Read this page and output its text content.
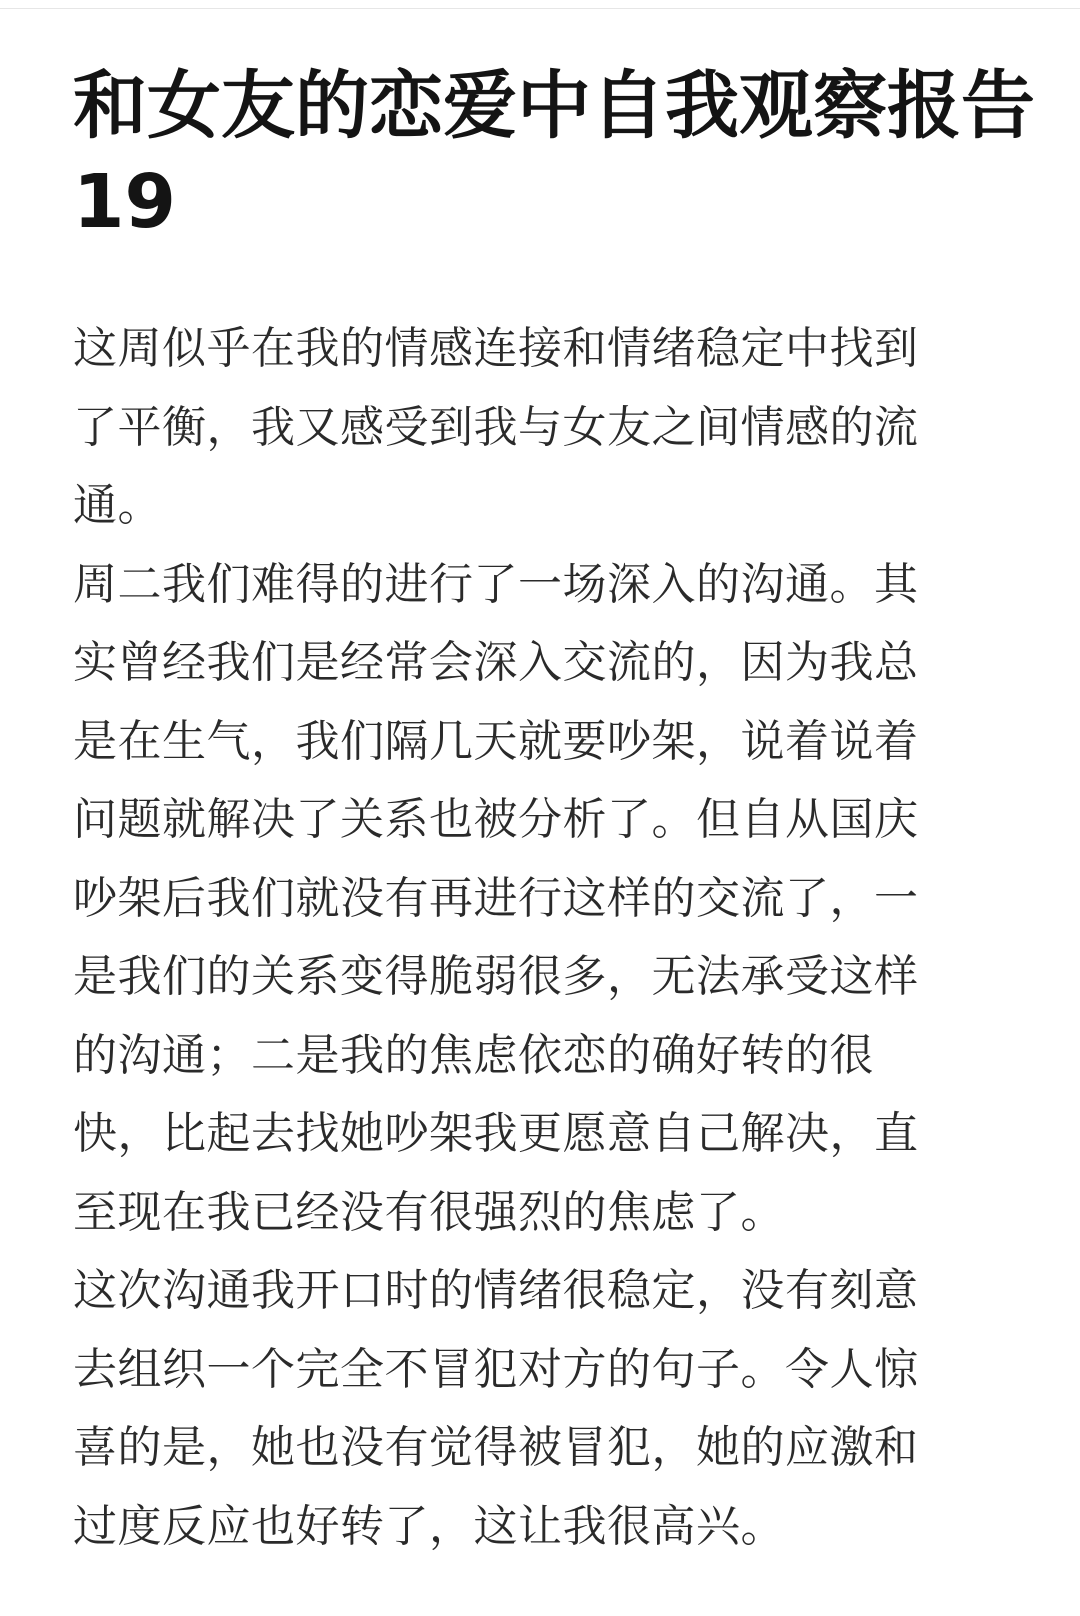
和女友的恋爱中自我观察报告
19
这周似乎在我的情感连接和情绪稳定中找到
了平衡，我又感受到我与女友之间情感的流
通。
周二我们难得的进行了一场深入的沟通。其
实曾经我们是经常会深入交流的，因为我总
是在生气，我们隔几天就要吵架，说着说着
问题就解决了关系也被分析了。但自从国庆
吵架后我们就没有再进行这样的交流了，一
是我们的关系变得脆弱很多，无法承受这样
的沟通；二是我的焦虑依恋的确好转的很
快，比起去找她吵架我更愿意自己解决，直
至现在我已经没有很强烈的焦虑了。
这次沟通我开口时的情绪很稳定，没有刻意
去组织一个完全不冒犯对方的句子。令人惊
喜的是，她也没有觉得被冒犯，她的应激和
过度反应也好转了，这让我很高兴。
